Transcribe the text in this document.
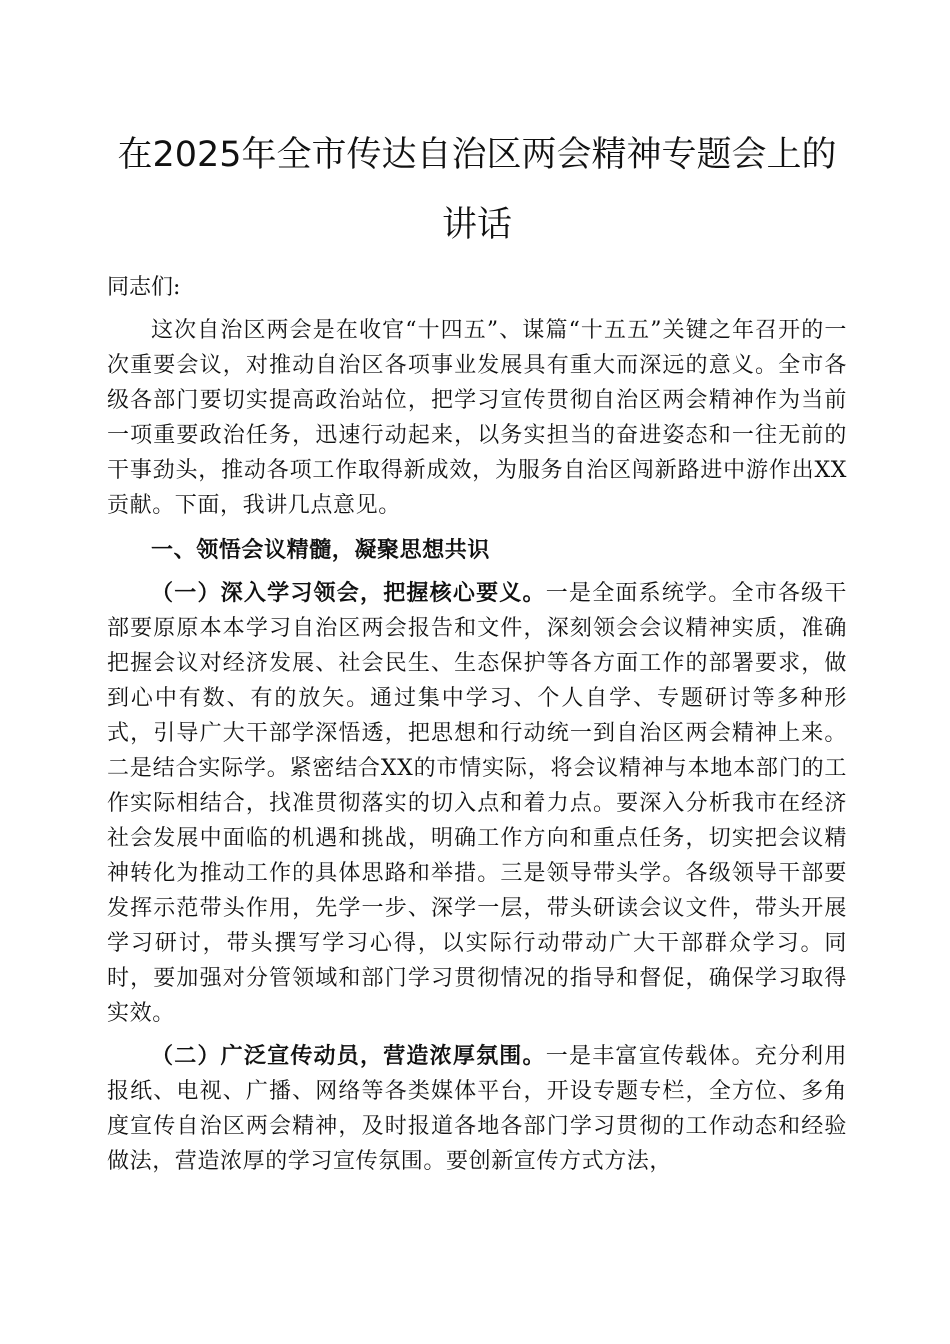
在2025年全市传达自治区两会精神专题会上的
讲话

同志们:

这次自治区两会是在收官“十四五”、谋篇“十五五”关键之年召开的一次重要会议，对推动自治区各项事业发展具有重大而深远的意义。全市各级各部门要切实提高政治站位，把学习宣传贯彻自治区两会精神作为当前一项重要政治任务，迅速行动起来，以务实担当的奋进姿态和一往无前的干事劲头，推动各项工作取得新成效，为服务自治区闯新路进中游作出XX贡献。下面，我讲几点意见。

一、领悟会议精髓，凝聚思想共识

（一）深入学习领会，把握核心要义。一是全面系统学。全市各级干部要原原本本学习自治区两会报告和文件，深刻领会会议精神实质，准确把握会议对经济发展、社会民生、生态保护等各方面工作的部署要求，做到心中有数、有的放矢。通过集中学习、个人自学、专题研讨等多种形式，引导广大干部学深悟透，把思想和行动统一到自治区两会精神上来。二是结合实际学。紧密结合XX的市情实际，将会议精神与本地本部门的工作实际相结合，找准贯彻落实的切入点和着力点。要深入分析我市在经济社会发展中面临的机遇和挑战，明确工作方向和重点任务，切实把会议精神转化为推动工作的具体思路和举措。三是领导带头学。各级领导干部要发挥示范带头作用，先学一步、深学一层，带头研读会议文件，带头开展学习研讨，带头撰写学习心得，以实际行动带动广大干部群众学习。同时，要加强对分管领域和部门学习贯彻情况的指导和督促，确保学习取得实效。

（二）广泛宣传动员，营造浓厚氛围。一是丰富宣传载体。充分利用报纸、电视、广播、网络等各类媒体平台，开设专题专栏，全方位、多角度宣传自治区两会精神，及时报道各地各部门学习贯彻的工作动态和经验做法，营造浓厚的学习宣传氛围。要创新宣传方式方法，
